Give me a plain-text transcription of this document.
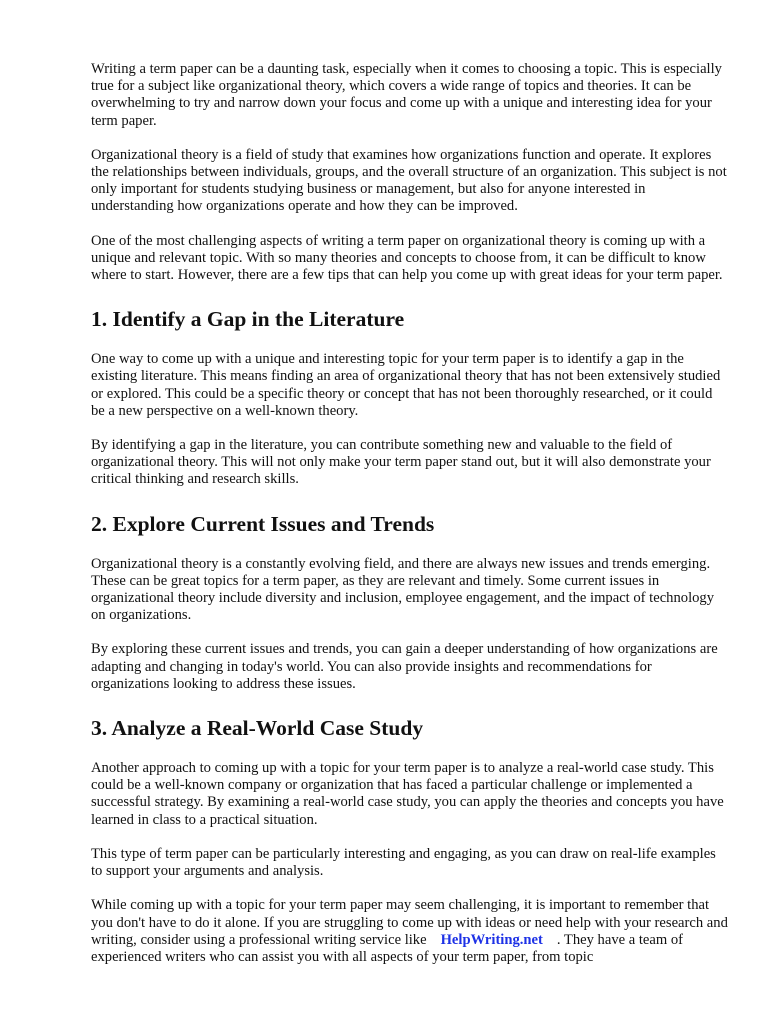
Writing a term paper can be a daunting task, especially when it comes to choosing a topic. This is especially true for a subject like organizational theory, which covers a wide range of topics and theories. It can be overwhelming to try and narrow down your focus and come up with a unique and interesting idea for your term paper.

Organizational theory is a field of study that examines how organizations function and operate. It explores the relationships between individuals, groups, and the overall structure of an organization. This subject is not only important for students studying business or management, but also for anyone interested in understanding how organizations operate and how they can be improved.

One of the most challenging aspects of writing a term paper on organizational theory is coming up with a unique and relevant topic. With so many theories and concepts to choose from, it can be difficult to know where to start. However, there are a few tips that can help you come up with great ideas for your term paper.

1. Identify a Gap in the Literature

One way to come up with a unique and interesting topic for your term paper is to identify a gap in the existing literature. This means finding an area of organizational theory that has not been extensively studied or explored. This could be a specific theory or concept that has not been thoroughly researched, or it could be a new perspective on a well-known theory.

By identifying a gap in the literature, you can contribute something new and valuable to the field of organizational theory. This will not only make your term paper stand out, but it will also demonstrate your critical thinking and research skills.

2. Explore Current Issues and Trends

Organizational theory is a constantly evolving field, and there are always new issues and trends emerging. These can be great topics for a term paper, as they are relevant and timely. Some current issues in organizational theory include diversity and inclusion, employee engagement, and the impact of technology on organizations.

By exploring these current issues and trends, you can gain a deeper understanding of how organizations are adapting and changing in today's world. You can also provide insights and recommendations for organizations looking to address these issues.

3. Analyze a Real-World Case Study

Another approach to coming up with a topic for your term paper is to analyze a real-world case study. This could be a well-known company or organization that has faced a particular challenge or implemented a successful strategy. By examining a real-world case study, you can apply the theories and concepts you have learned in class to a practical situation.

This type of term paper can be particularly interesting and engaging, as you can draw on real-life examples to support your arguments and analysis.

While coming up with a topic for your term paper may seem challenging, it is important to remember that you don't have to do it alone. If you are struggling to come up with ideas or need help with your research and writing, consider using a professional writing service like HelpWriting.net . They have a team of experienced writers who can assist you with all aspects of your term paper, from topic
